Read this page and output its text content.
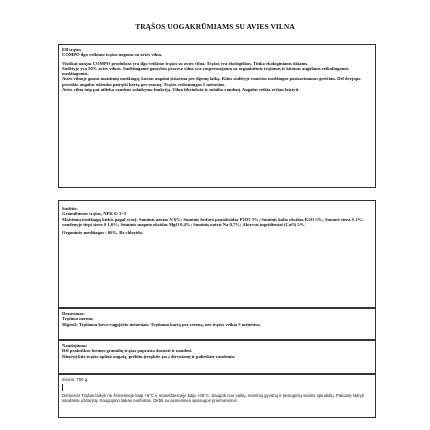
TRĄŠOS UOGAKRŪMIAMS SU AVIES VILNA
EB trąšos
COMPO ilgo veikimo trąšos uogoms su avies vilna.
Visiškai naujas COMPO produktas yra ilgo veikimo trąšos su avies vilna. Trąšos yra ekologiškos. Tinka ekologiniams ūkiams.
Sudėtyje yra 50% avies vilnos. Sudėtingame gamybos procese vilna yra suspresuojama su organinėmis trąšomis ir kitomis augalams reikalingomis medžiagomis.
Avies vilnoje gausu maistinių medžiagų, kurias augalai įsisavina per ilgesnį laiką. Kitos sudėtyje esančios medžiagos pasisavinamos greičiau. Dėl dvejopo poveikio augalus užtenka patręšti kartą per sezoną. Trąšos veiksmingos 5 mėnesius.
Avies vilna taip pat atlieka vandens sulaikymo funkciją. Vilna išbrinksta ir sulaiko vandenį. Augalus reikia rečiau laistyti.
Sudėtis:
Granuliuotos trąšos, NPK 6+3+5
Maistinių medžiagų kiekis pagal svorį: Suminis azotas N 6%: Suminis fosforo pentoksidas P2O5 3%; Suminis kalio oksidas K2O 5%; Suminė siera S 2%: vandenyje tirpi siera S 1,6%; Suminis magnio oksidas MgO 0,4%; Suminis natris Na 0,7%; Aktyvus ingridientai (CaO) 5%.
Organinės medžiagos : 66%. Be chlorido.
Dozavimas:
Tręšimo norma:
50g/m2; Tręšiama kovo-rugpjūčio mėnesiais. Tręšiama kartą per sezoną, nes trąšos veikia 5 mėnesius.
Naudojimas:
Dėl praktiškos formos granulių trąšas paprasta dozuoti ir naudoti.
Išbarstykite trąšas aplink augalą, grėbliu įterpkite jas į dirvožemį ir palieskite vandeniu.
Svoris: 750 g.
Dėmesio! Trąšas laikyti ne žemesnėje kaip +6°C ir neaukštesnėje kaip +35°C. Saugoti nuo vaikų, naminių gyvūnų ir tiesioginių saulės spindulių. Pakuotę laikyti sandariai uždarytą. Saugojimo laikas neribotas. Dirbti su asmeninės apsaugos priemonėmis.
